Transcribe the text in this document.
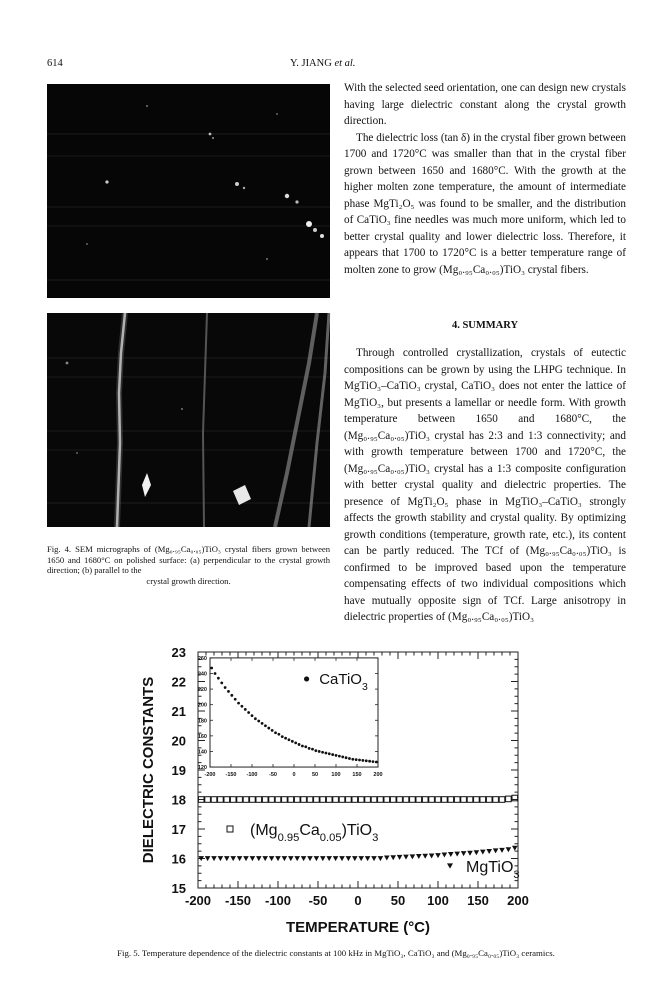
614	Y. JIANG et al.
Fig. 4. SEM micrographs of (Mg₀.₉₅Ca₀.₀₅)TiO₃ crystal fibers grown between 1650 and 1680°C on polished surface: (a) perpendicular to the crystal growth direction; (b) parallel to the
crystal growth direction.

With the selected seed orientation, one can design new crystals having large dielectric constant along the crystal growth direction.

The dielectric loss (tan δ) in the crystal fiber grown between 1700 and 1720°C was smaller than that in the crystal fiber grown between 1650 and 1680°C. With the growth at the higher molten zone temperature, the amount of intermediate phase MgTi₂O₅ was found to be smaller, and the distribution of CaTiO₃ fine needles was much more uniform, which led to better crystal quality and lower dielectric loss. Therefore, it appears that 1700 to 1720°C is a better temperature range of molten zone to grow (Mg₀.₉₅Ca₀.₀₅)TiO₃ crystal fibers.

4. SUMMARY

Through controlled crystallization, crystals of eutectic compositions can be grown by using the LHPG technique. In MgTiO₃–CaTiO₃ crystal, CaTiO₃ does not enter the lattice of MgTiO₃, but presents a lamellar or needle form. With growth temperature between 1650 and 1680°C, the (Mg₀.₉₅Ca₀.₀₅)TiO₃ crystal has 2:3 and 1:3 connectivity; and with growth temperature between 1700 and 1720°C, the (Mg₀.₉₅Ca₀.₀₅)TiO₃ crystal has a 1:3 composite configuration with better crystal quality and dielectric properties. The presence of MgTi₂O₅ phase in MgTiO₃–CaTiO₃ strongly affects the growth stability and crystal quality. By optimizing growth conditions (temperature, growth rate, etc.), its content can be partly reduced. The TCf of (Mg₀.₉₅Ca₀.₀₅)TiO₃ is confirmed to be improved based upon the temperature compensating effects of two individual compositions which have mutually opposite sign of TCf. Large anisotropy in dielectric properties of (Mg₀.₉₅Ca₀.₀₅)TiO₃

-200 -150 -100 -50 0 50 100 150 200
15
16
17
18
19
20
21
22
23
TEMPERATURE (°C)
DIELECTRIC CONSTANTS	$(Mg_{0.95}Ca_{0.05})TiO_3$
MgTiO$_3$
-200 -150 -100 -50	0	50 100 150 200
120
140
160
180
200
220
240
260
CaTiO$_3$
Fig. 5. Temperature dependence of the dielectric constants at 100 kHz in MgTiO₃, CaTiO₃ and (Mg₀.₉₅Ca₀.₀₅)TiO₃ ceramics.
